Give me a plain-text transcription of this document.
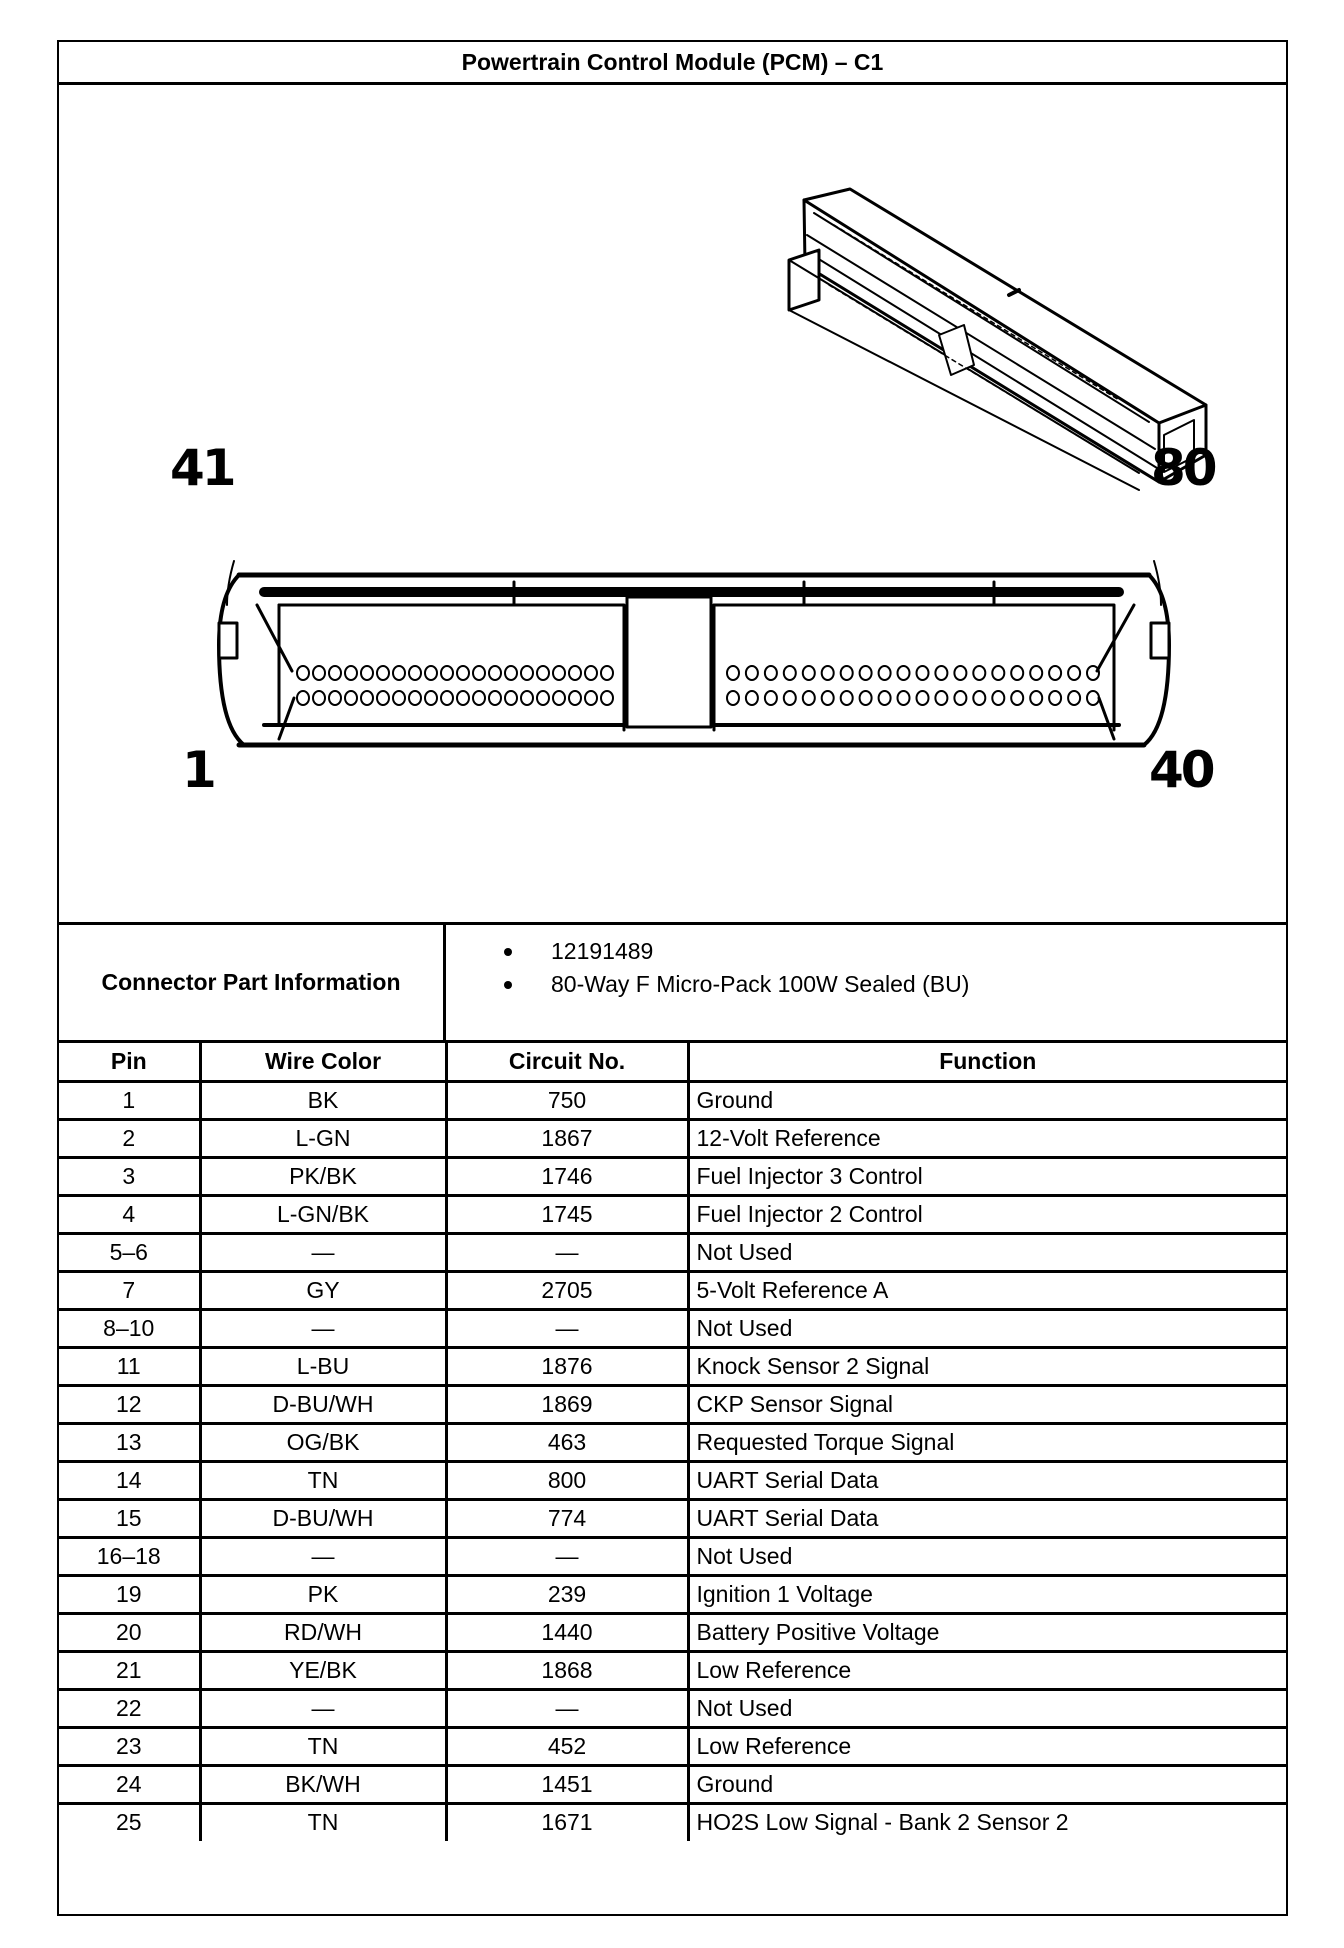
Powertrain Control Module (PCM) – C1
41	80
1	40
Connector Part Information
12191489
80-Way F Micro-Pack 100W Sealed (BU)
Pin	Wire Color	Circuit No.	Function
1	BK	750	Ground
2	L-GN	1867	12-Volt Reference
3	PK/BK	1746	Fuel Injector 3 Control
4	L-GN/BK	1745	Fuel Injector 2 Control
5–6	—	—	Not Used
7	GY	2705	5-Volt Reference A
8–10	—	—	Not Used
11	L-BU	1876	Knock Sensor 2 Signal
12	D-BU/WH	1869	CKP Sensor Signal
13	OG/BK	463	Requested Torque Signal
14	TN	800	UART Serial Data
15	D-BU/WH	774	UART Serial Data
16–18	—	—	Not Used
19	PK	239	Ignition 1 Voltage
20	RD/WH	1440	Battery Positive Voltage
21	YE/BK	1868	Low Reference
22	—	—	Not Used
23	TN	452	Low Reference
24	BK/WH	1451	Ground
25	TN	1671	HO2S Low Signal - Bank 2 Sensor 2
